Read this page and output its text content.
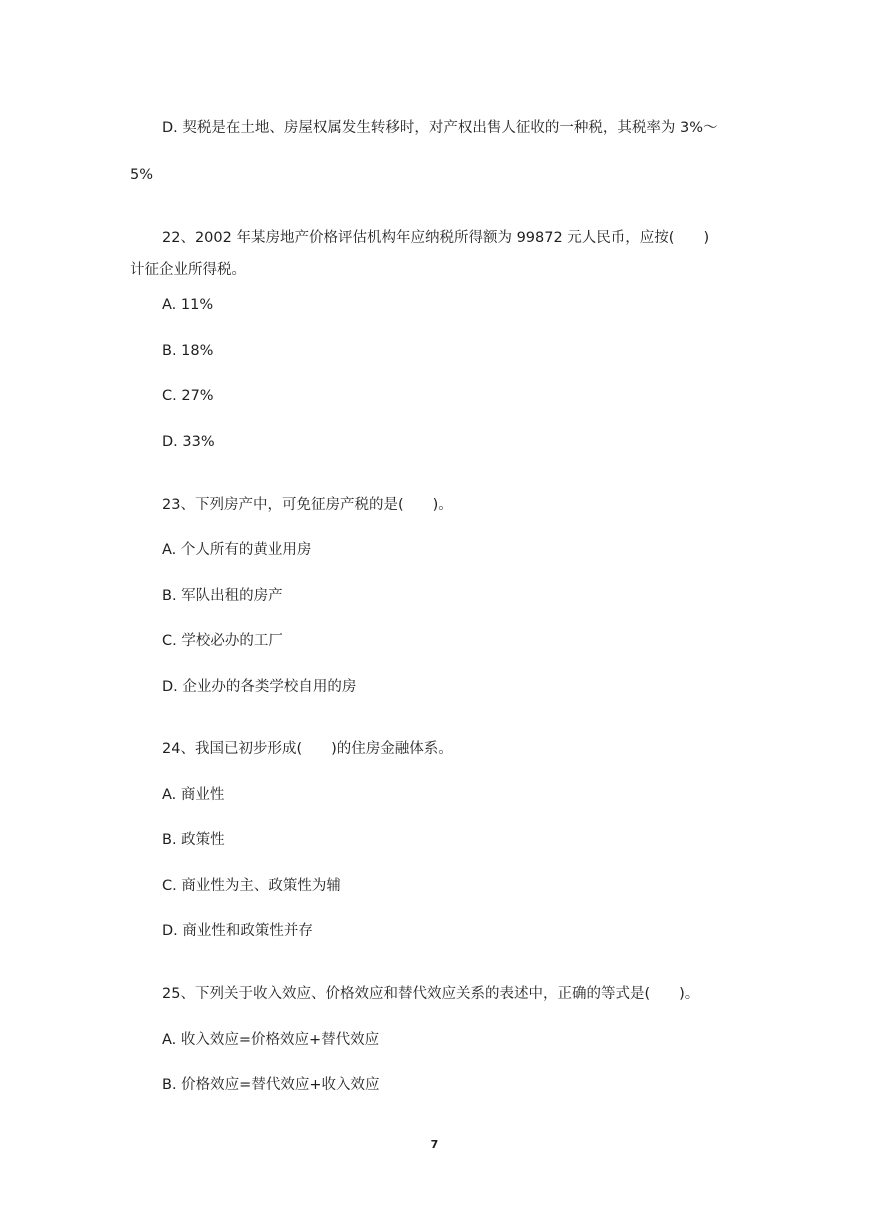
D. 契税是在土地、房屋权属发生转移时，对产权出售人征收的一种税，其税率为 3%～

5%

22、2002 年某房地产价格评估机构年应纳税所得额为 99872 元人民币，应按(　　)

计征企业所得税。

A. 11%

B. 18%

C. 27%

D. 33%

23、下列房产中，可免征房产税的是(　　)。

A. 个人所有的黄业用房

B. 军队出租的房产

C. 学校必办的工厂

D. 企业办的各类学校自用的房

24、我国已初步形成(　　)的住房金融体系。

A. 商业性

B. 政策性

C. 商业性为主、政策性为辅

D. 商业性和政策性并存

25、下列关于收入效应、价格效应和替代效应关系的表述中，正确的等式是(　　)。

A. 收入效应=价格效应+替代效应

B. 价格效应=替代效应+收入效应

7
